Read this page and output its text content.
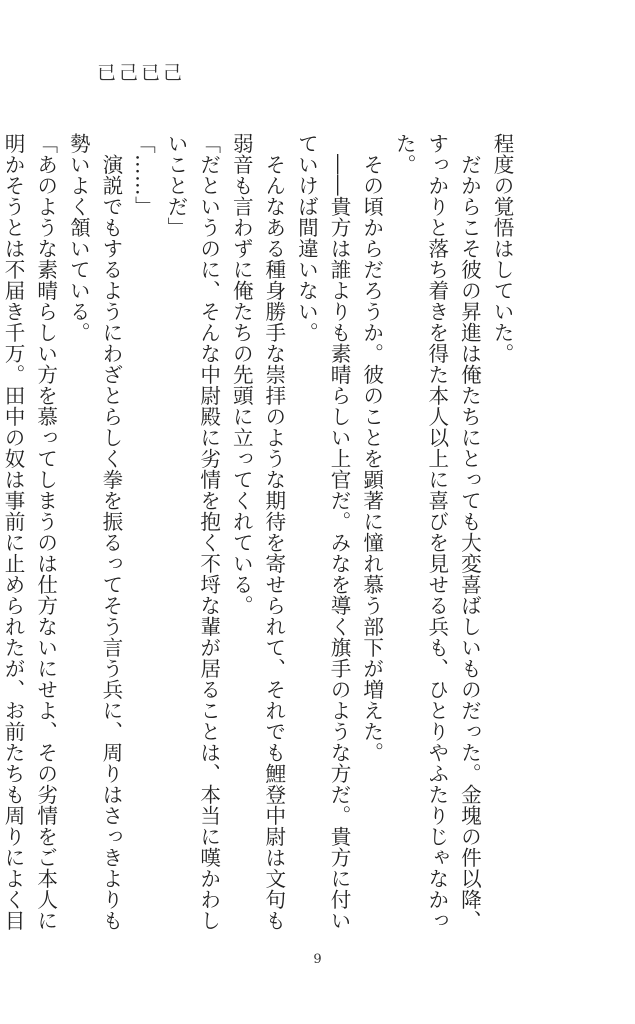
已己已己
程度の覚悟はしていた。
　だからこそ彼の昇進は俺たちにとっても大変喜ばしいものだった。金塊の件以降、
すっかりと落ち着きを得た本人以上に喜びを見せる兵も、ひとりやふたりじゃなかっ
た。
　その頃からだろうか。彼のことを顕著に憧れ慕う部下が増えた。
　――貴方は誰よりも素晴らしい上官だ。みなを導く旗手のような方だ。貴方に付い
ていけば間違いない。
　そんなある種身勝手な崇拝のような期待を寄せられて、それでも鯉登中尉は文句も
弱音も言わずに俺たちの先頭に立ってくれている。
「だというのに、そんな中尉殿に劣情を抱く不埒な輩が居ることは、本当に嘆かわし
いことだ」
「……」
　演説でもするようにわざとらしく拳を振るってそう言う兵に、周りはさっきよりも
勢いよく頷いている。
「あのような素晴らしい方を慕ってしまうのは仕方ないにせよ、その劣情をご本人に
明かそうとは不届き千万。田中の奴は事前に止められたが、お前たちも周りによく目
9
